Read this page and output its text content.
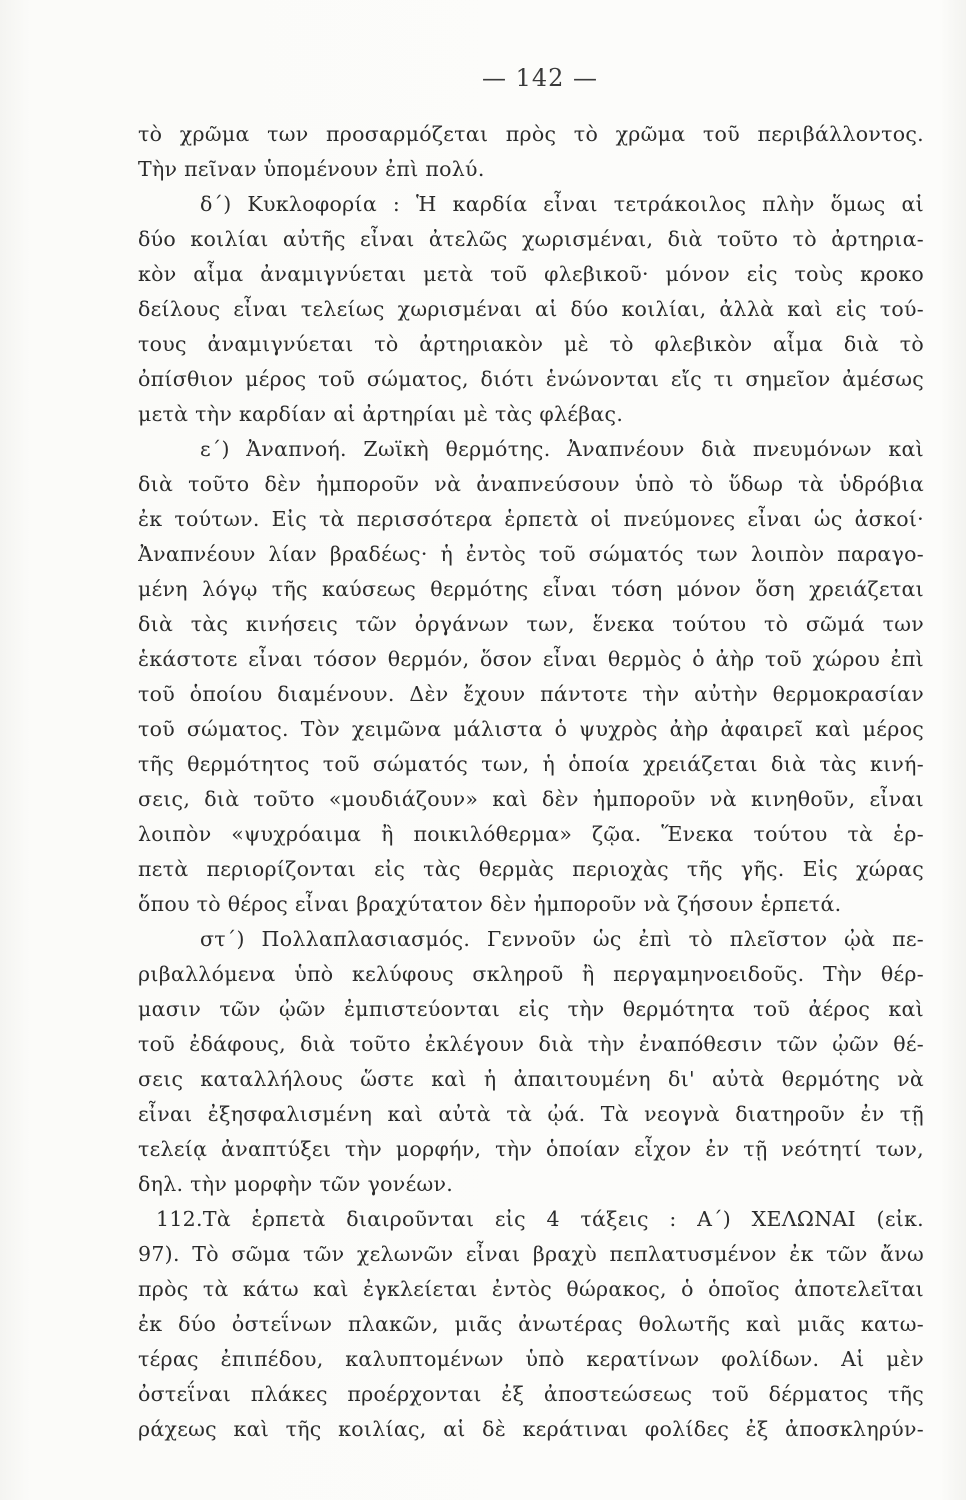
— 142 —
τὸ χρῶμα των προσαρμόζεται πρὸς τὸ χρῶμα τοῦ περιβάλλοντος.
Τὴν πεῖναν ὑπομένουν ἐπὶ πολύ.
δ΄) Κυκλοφορία : Ἡ καρδία εἶναι τετράκοιλος πλὴν ὅμως αἱ
δύο κοιλίαι αὐτῆς εἶναι ἀτελῶς χωρισμέναι, διὰ τοῦτο τὸ ἀρτηρια-
κὸν αἷμα ἀναμιγνύεται μετὰ τοῦ φλεβικοῦ· μόνον εἰς τοὺς κροκο
δείλους εἶναι τελείως χωρισμέναι αἱ δύο κοιλίαι, ἀλλὰ καὶ εἰς τού-
τους ἀναμιγνύεται τὸ ἀρτηριακὸν μὲ τὸ φλεβικὸν αἷμα διὰ τὸ
ὀπίσθιον μέρος τοῦ σώματος, διότι ἑνώνονται εἴς τι σημεῖον ἀμέσως
μετὰ τὴν καρδίαν αἱ ἀρτηρίαι μὲ τὰς φλέβας.
ε΄) Ἀναπνοή. Ζωϊκὴ θερμότης. Ἀναπνέουν διὰ πνευμόνων καὶ
διὰ τοῦτο δὲν ἠμποροῦν νὰ ἀναπνεύσουν ὑπὸ τὸ ὕδωρ τὰ ὑδρόβια
ἐκ τούτων. Εἰς τὰ περισσότερα ἑρπετὰ οἱ πνεύμονες εἶναι ὡς ἀσκοί·
Ἀναπνέουν λίαν βραδέως· ἡ ἐντὸς τοῦ σώματός των λοιπὸν παραγο-
μένη λόγῳ τῆς καύσεως θερμότης εἶναι τόση μόνον ὅση χρειάζεται
διὰ τὰς κινήσεις τῶν ὀργάνων των, ἕνεκα τούτου τὸ σῶμά των
ἑκάστοτε εἶναι τόσον θερμόν, ὅσον εἶναι θερμὸς ὁ ἀὴρ τοῦ χώρου ἐπὶ
τοῦ ὁποίου διαμένουν. Δὲν ἔχουν πάντοτε τὴν αὐτὴν θερμοκρασίαν
τοῦ σώματος. Τὸν χειμῶνα μάλιστα ὁ ψυχρὸς ἀὴρ ἀφαιρεῖ καὶ μέρος
τῆς θερμότητος τοῦ σώματός των, ἡ ὁποία χρειάζεται διὰ τὰς κινή-
σεις, διὰ τοῦτο «μουδιάζουν» καὶ δὲν ἠμποροῦν νὰ κινηθοῦν, εἶναι
λοιπὸν «ψυχρόαιμα ἢ ποικιλόθερμα» ζῷα. Ἕνεκα τούτου τὰ ἑρ-
πετὰ περιορίζονται εἰς τὰς θερμὰς περιοχὰς τῆς γῆς. Εἰς χώρας
ὅπου τὸ θέρος εἶναι βραχύτατον δὲν ἠμποροῦν νὰ ζήσουν ἑρπετά.
στ΄) Πολλαπλασιασμός. Γεννοῦν ὡς ἐπὶ τὸ πλεῖστον ᾠὰ πε-
ριβαλλόμενα ὑπὸ κελύφους σκληροῦ ἢ περγαμηνοειδοῦς. Τὴν θέρ-
μασιν τῶν ᾠῶν ἐμπιστεύονται εἰς τὴν θερμότητα τοῦ ἀέρος καὶ
τοῦ ἐδάφους, διὰ τοῦτο ἐκλέγουν διὰ τὴν ἐναπόθεσιν τῶν ᾠῶν θέ-
σεις καταλλήλους ὥστε καὶ ἡ ἀπαιτουμένη δι' αὐτὰ θερμότης νὰ
εἶναι ἐξησφαλισμένη καὶ αὐτὰ τὰ ᾠά. Τὰ νεογνὰ διατηροῦν ἐν τῇ
τελείᾳ ἀναπτύξει τὴν μορφήν, τὴν ὁποίαν εἶχον ἐν τῇ νεότητί των,
δηλ. τὴν μορφὴν τῶν γονέων.
112.Τὰ ἑρπετὰ διαιροῦνται εἰς 4 τάξεις : Α΄) ΧΕΛΩΝΑΙ (εἰκ.
97). Τὸ σῶμα τῶν χελωνῶν εἶναι βραχὺ πεπλατυσμένον ἐκ τῶν ἄνω
πρὸς τὰ κάτω καὶ ἐγκλείεται ἐντὸς θώρακος, ὁ ὁποῖος ἀποτελεῖται
ἐκ δύο ὀστεΐνων πλακῶν, μιᾶς ἀνωτέρας θολωτῆς καὶ μιᾶς κατω-
τέρας ἐπιπέδου, καλυπτομένων ὑπὸ κερατίνων φολίδων. Αἱ μὲν
ὀστεΐναι πλάκες προέρχονται ἐξ ἀποστεώσεως τοῦ δέρματος τῆς
ράχεως καὶ τῆς κοιλίας, αἱ δὲ κεράτιναι φολίδες ἐξ ἀποσκληρύν-
